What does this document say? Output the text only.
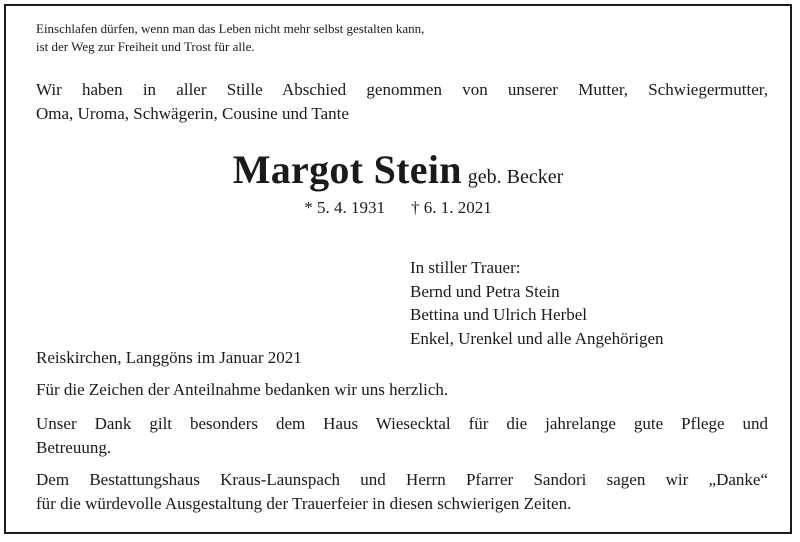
Einschlafen dürfen, wenn man das Leben nicht mehr selbst gestalten kann,
ist der Weg zur Freiheit und Trost für alle.
Wir haben in aller Stille Abschied genommen von unserer Mutter, Schwiegermutter,
Oma, Uroma, Schwägerin, Cousine und Tante
Margot Stein geb. Becker
* 5. 4. 1931 † 6. 1. 2021
In stiller Trauer:
Bernd und Petra Stein
Bettina und Ulrich Herbel
Enkel, Urenkel und alle Angehörigen
Reiskirchen, Langgöns im Januar 2021
Für die Zeichen der Anteilnahme bedanken wir uns herzlich.
Unser Dank gilt besonders dem Haus Wiesecktal für die jahrelange gute Pflege und
Betreuung.
Dem Bestattungshaus Kraus-Launspach und Herrn Pfarrer Sandori sagen wir „Danke“
für die würdevolle Ausgestaltung der Trauerfeier in diesen schwierigen Zeiten.
